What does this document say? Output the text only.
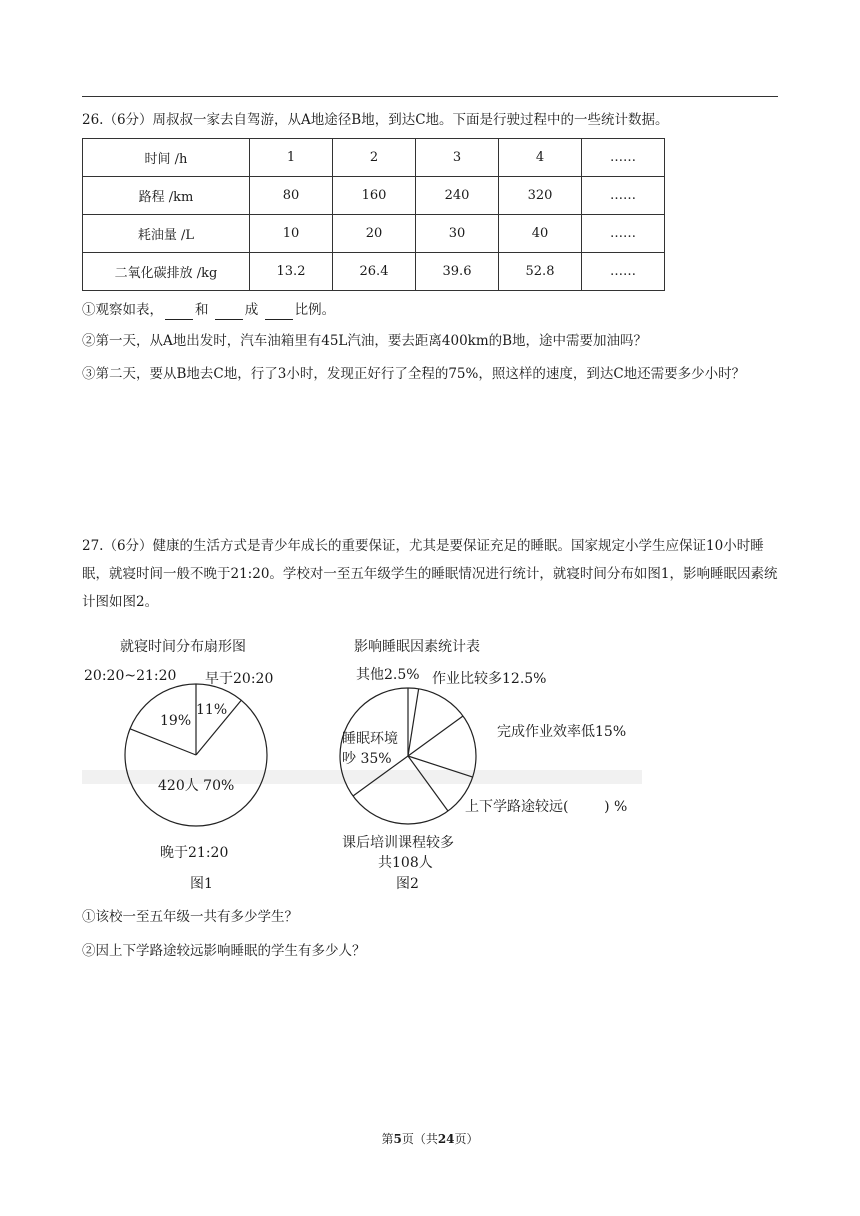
26.（6分）周叔叔一家去自驾游，从A地途径B地，到达C地。下面是行驶过程中的一些统计数据。
时间 /h	1	2	3	4	……
路程 /km	80	160	240	320	……
耗油量 /L	10	20	30	40	……
二氧化碳排放 /kg	13.2	26.4	39.6	52.8	……
①观察如表， 和	成	比例。
②第一天，从A地出发时，汽车油箱里有45L汽油，要去距离400km的B地，途中需要加油吗？
③第二天，要从B地去C地，行了3小时，发现正好行了全程的75%，照这样的速度，到达C地还需要多少小时？
27.（6分）健康的生活方式是青少年成长的重要保证，尤其是要保证充足的睡眠。国家规定小学生应保证10小时睡眠，就寝时间一般不晚于21:20。学校对一至五年级学生的睡眠情况进行统计，就寝时间分布如图1，影响睡眠因素统计图如图2。
就寝时间分布扇形图
20:20~21:20 早于20:20
11%
19%
420人 70%
晚于21:20
图1
影响睡眠因素统计表
其他2.5% 作业比较多12.5%
完成作业效率低15%
睡眠环境
吵 35%
上下学路途较远(        ) %
课后培训课程较多
共108人
图2
①该校一至五年级一共有多少学生？
②因上下学路途较远影响睡眠的学生有多少人？
第5页（共24页）
